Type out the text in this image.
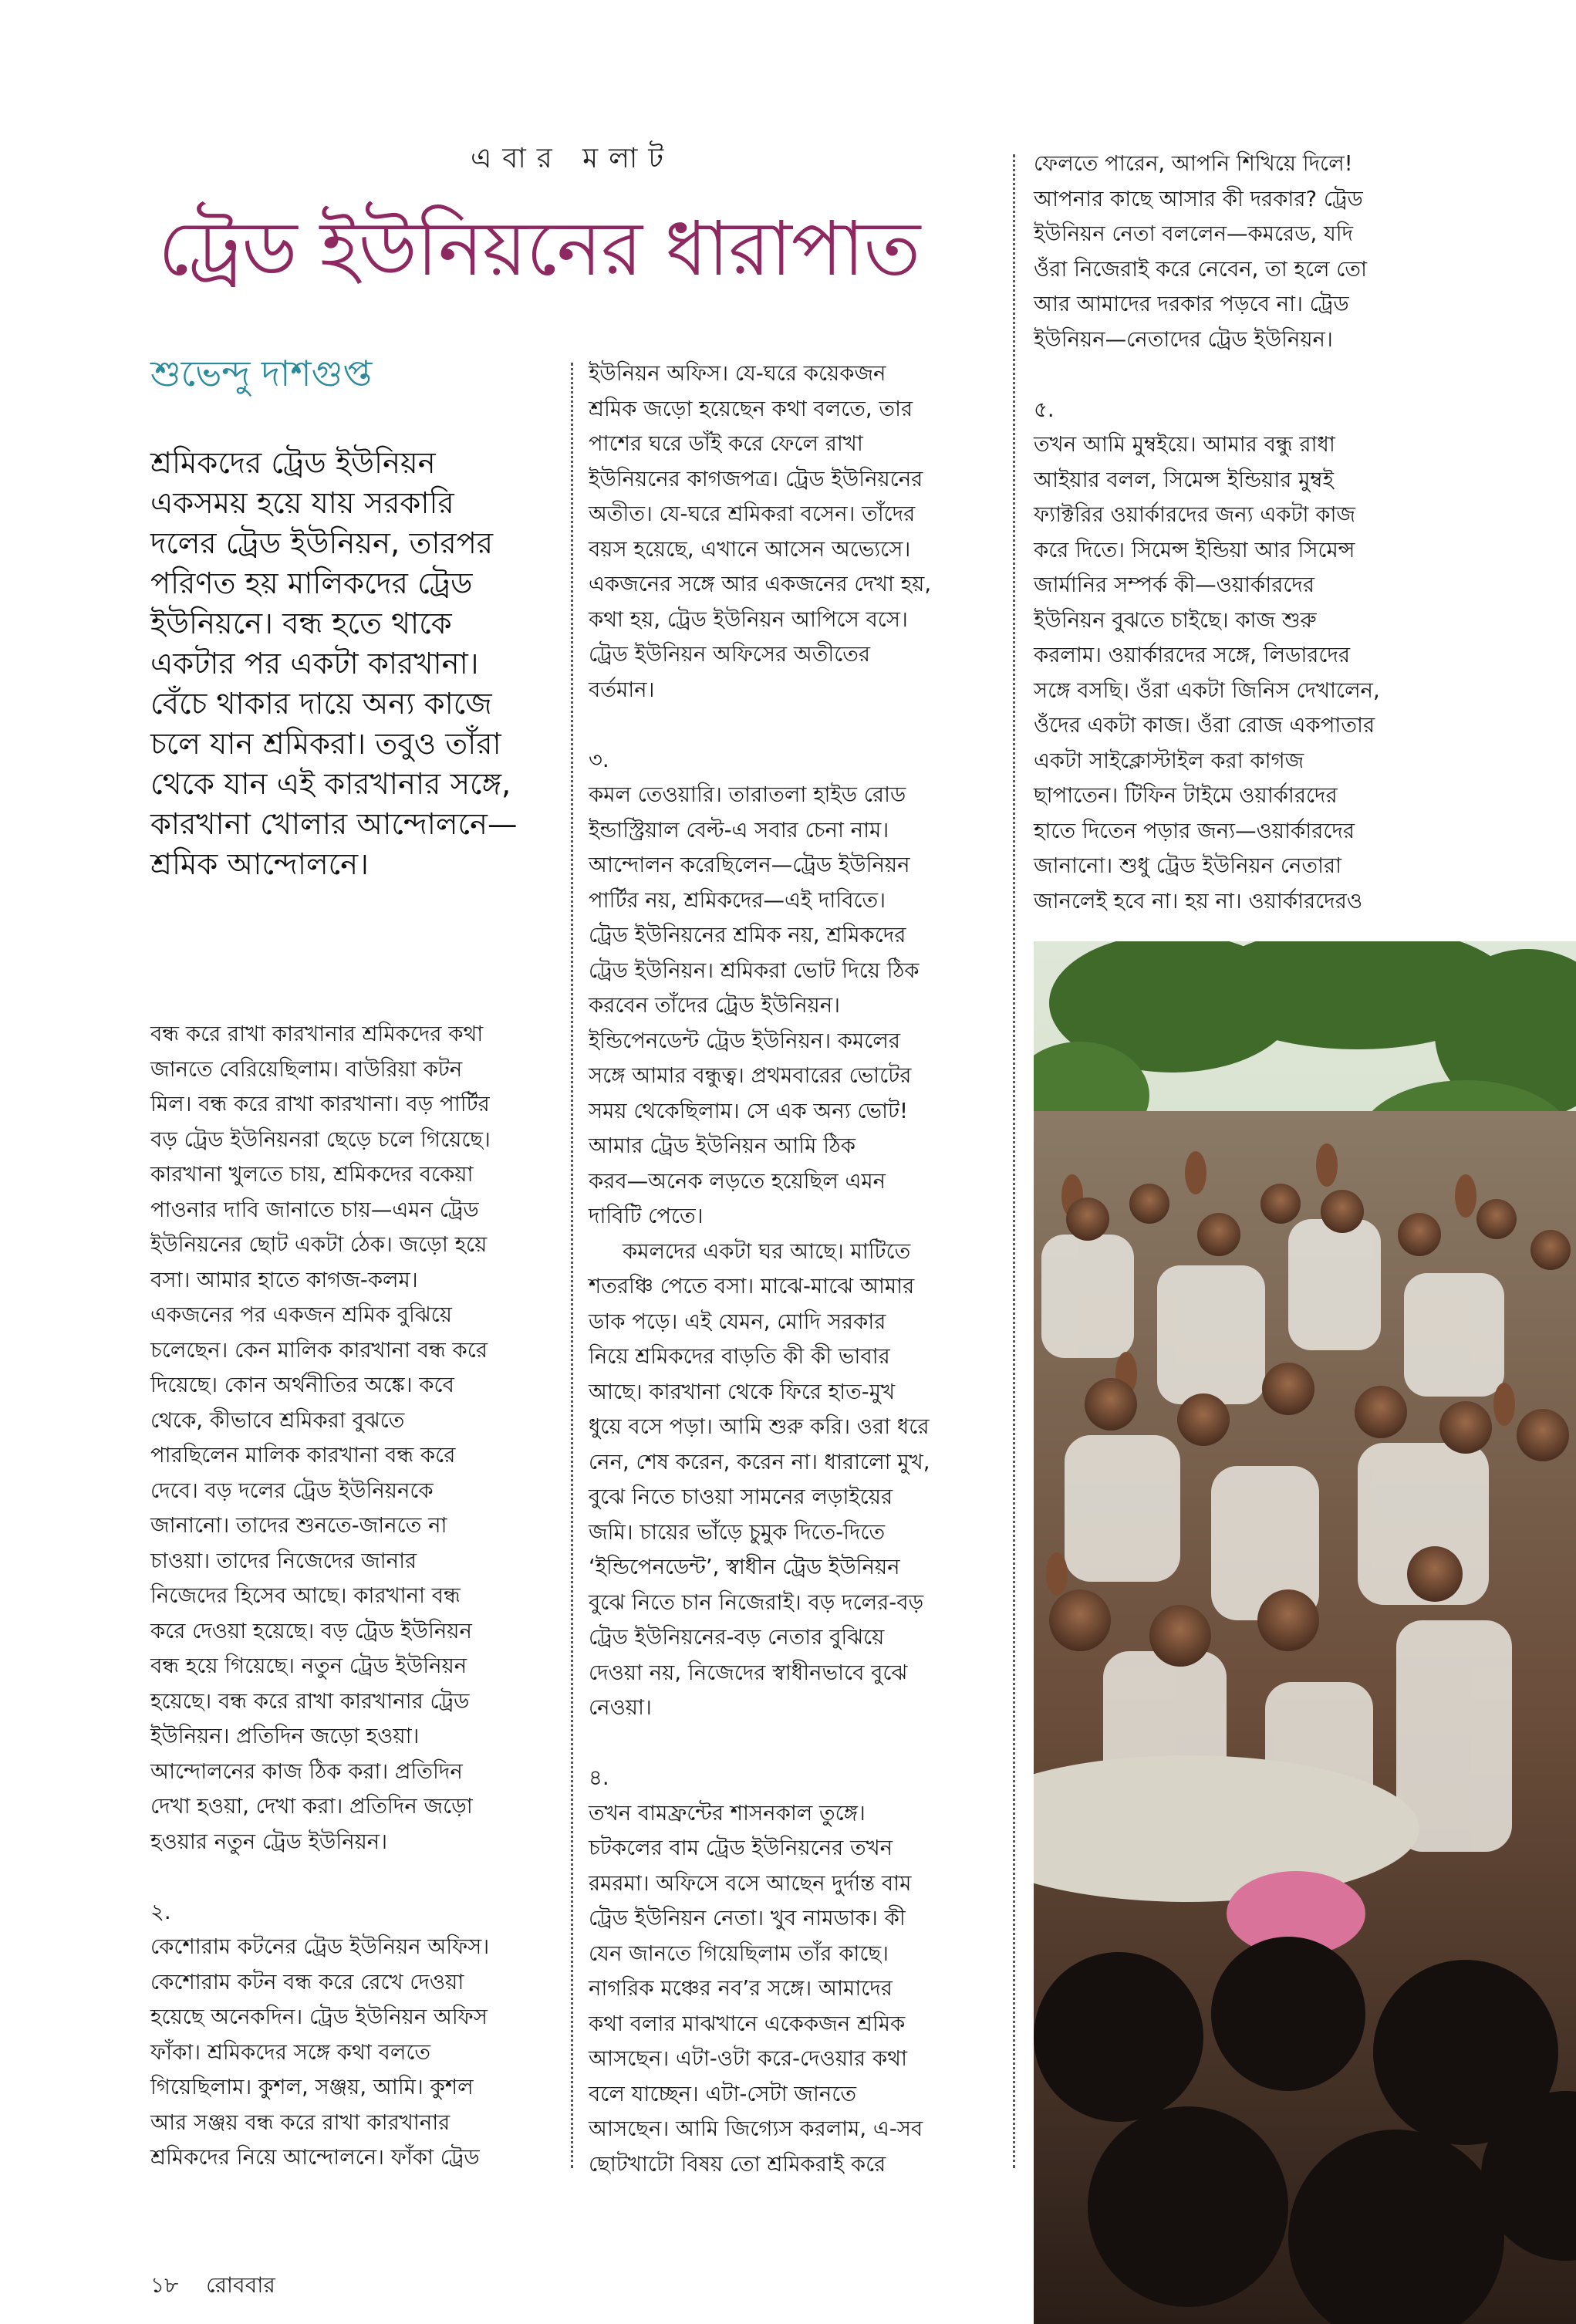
এবার মলাট
ট্রেড ইউনিয়নের ধারাপাত
শুভেন্দু দাশগুপ্ত
শ্রমিকদের ট্রেড ইউনিয়ন
একসময় হয়ে যায় সরকারি
দলের ট্রেড ইউনিয়ন, তারপর
পরিণত হয় মালিকদের ট্রেড
ইউনিয়নে। বন্ধ হতে থাকে
একটার পর একটা কারখানা।
বেঁচে থাকার দায়ে অন্য কাজে
চলে যান শ্রমিকরা। তবুও তাঁরা
থেকে যান এই কারখানার সঙ্গে,
কারখানা খোলার আন্দোলনে—
শ্রমিক আন্দোলনে।
বন্ধ করে রাখা কারখানার শ্রমিকদের কথা
জানতে বেরিয়েছিলাম। বাউরিয়া কটন
মিল। বন্ধ করে রাখা কারখানা। বড় পার্টির
বড় ট্রেড ইউনিয়নরা ছেড়ে চলে গিয়েছে।
কারখানা খুলতে চায়, শ্রমিকদের বকেয়া
পাওনার দাবি জানাতে চায়—এমন ট্রেড
ইউনিয়নের ছোট একটা ঠেক। জড়ো হয়ে
বসা। আমার হাতে কাগজ-কলম।
একজনের পর একজন শ্রমিক বুঝিয়ে
চলেছেন। কেন মালিক কারখানা বন্ধ করে
দিয়েছে। কোন অর্থনীতির অঙ্কে। কবে
থেকে, কীভাবে শ্রমিকরা বুঝতে
পারছিলেন মালিক কারখানা বন্ধ করে
দেবে। বড় দলের ট্রেড ইউনিয়নকে
জানানো। তাদের শুনতে-জানতে না
চাওয়া। তাদের নিজেদের জানার
নিজেদের হিসেব আছে। কারখানা বন্ধ
করে দেওয়া হয়েছে। বড় ট্রেড ইউনিয়ন
বন্ধ হয়ে গিয়েছে। নতুন ট্রেড ইউনিয়ন
হয়েছে। বন্ধ করে রাখা কারখানার ট্রেড
ইউনিয়ন। প্রতিদিন জড়ো হওয়া।
আন্দোলনের কাজ ঠিক করা। প্রতিদিন
দেখা হওয়া, দেখা করা। প্রতিদিন জড়ো
হওয়ার নতুন ট্রেড ইউনিয়ন।
২.
কেশোরাম কটনের ট্রেড ইউনিয়ন অফিস।
কেশোরাম কটন বন্ধ করে রেখে দেওয়া
হয়েছে অনেকদিন। ট্রেড ইউনিয়ন অফিস
ফাঁকা। শ্রমিকদের সঙ্গে কথা বলতে
গিয়েছিলাম। কুশল, সঞ্জয়, আমি। কুশল
আর সঞ্জয় বন্ধ করে রাখা কারখানার
শ্রমিকদের নিয়ে আন্দোলনে। ফাঁকা ট্রেড
ইউনিয়ন অফিস। যে-ঘরে কয়েকজন
শ্রমিক জড়ো হয়েছেন কথা বলতে, তার
পাশের ঘরে ডাঁই করে ফেলে রাখা
ইউনিয়নের কাগজপত্র। ট্রেড ইউনিয়নের
অতীত। যে-ঘরে শ্রমিকরা বসেন। তাঁদের
বয়স হয়েছে, এখানে আসেন অভ্যেসে।
একজনের সঙ্গে আর একজনের দেখা হয়,
কথা হয়, ট্রেড ইউনিয়ন আপিসে বসে।
ট্রেড ইউনিয়ন অফিসের অতীতের
বর্তমান।
৩.
কমল তেওয়ারি। তারাতলা হাইড রোড
ইন্ডাস্ট্রিয়াল বেল্ট-এ সবার চেনা নাম।
আন্দোলন করেছিলেন—ট্রেড ইউনিয়ন
পার্টির নয়, শ্রমিকদের—এই দাবিতে।
ট্রেড ইউনিয়নের শ্রমিক নয়, শ্রমিকদের
ট্রেড ইউনিয়ন। শ্রমিকরা ভোট দিয়ে ঠিক
করবেন তাঁদের ট্রেড ইউনিয়ন।
ইন্ডিপেনডেন্ট ট্রেড ইউনিয়ন। কমলের
সঙ্গে আমার বন্ধুত্ব। প্রথমবারের ভোটের
সময় থেকেছিলাম। সে এক অন্য ভোট!
আমার ট্রেড ইউনিয়ন আমি ঠিক
করব—অনেক লড়তে হয়েছিল এমন
দাবিটি পেতে।
কমলদের একটা ঘর আছে। মাটিতে
শতরঞ্চি পেতে বসা। মাঝে-মাঝে আমার
ডাক পড়ে। এই যেমন, মোদি সরকার
নিয়ে শ্রমিকদের বাড়তি কী কী ভাবার
আছে। কারখানা থেকে ফিরে হাত-মুখ
ধুয়ে বসে পড়া। আমি শুরু করি। ওরা ধরে
নেন, শেষ করেন, করেন না। ধারালো মুখ,
বুঝে নিতে চাওয়া সামনের লড়াইয়ের
জমি। চায়ের ভাঁড়ে চুমুক দিতে-দিতে
‘ইন্ডিপেনডেন্ট’, স্বাধীন ট্রেড ইউনিয়ন
বুঝে নিতে চান নিজেরাই। বড় দলের-বড়
ট্রেড ইউনিয়নের-বড় নেতার বুঝিয়ে
দেওয়া নয়, নিজেদের স্বাধীনভাবে বুঝে
নেওয়া।
৪.
তখন বামফ্রন্টের শাসনকাল তুঙ্গে।
চটকলের বাম ট্রেড ইউনিয়নের তখন
রমরমা। অফিসে বসে আছেন দুর্দান্ত বাম
ট্রেড ইউনিয়ন নেতা। খুব নামডাক। কী
যেন জানতে গিয়েছিলাম তাঁর কাছে।
নাগরিক মঞ্চের নব’র সঙ্গে। আমাদের
কথা বলার মাঝখানে একেকজন শ্রমিক
আসছেন। এটা-ওটা করে-দেওয়ার কথা
বলে যাচ্ছেন। এটা-সেটা জানতে
আসছেন। আমি জিগ্যেস করলাম, এ-সব
ছোটখাটো বিষয় তো শ্রমিকরাই করে
ফেলতে পারেন, আপনি শিখিয়ে দিলে!
আপনার কাছে আসার কী দরকার? ট্রেড
ইউনিয়ন নেতা বললেন—কমরেড, যদি
ওঁরা নিজেরাই করে নেবেন, তা হলে তো
আর আমাদের দরকার পড়বে না। ট্রেড
ইউনিয়ন—নেতাদের ট্রেড ইউনিয়ন।
৫.
তখন আমি মুম্বইয়ে। আমার বন্ধু রাধা
আইয়ার বলল, সিমেন্স ইন্ডিয়ার মুম্বই
ফ্যাক্টরির ওয়ার্কারদের জন্য একটা কাজ
করে দিতে। সিমেন্স ইন্ডিয়া আর সিমেন্স
জার্মানির সম্পর্ক কী—ওয়ার্কারদের
ইউনিয়ন বুঝতে চাইছে। কাজ শুরু
করলাম। ওয়ার্কারদের সঙ্গে, লিডারদের
সঙ্গে বসছি। ওঁরা একটা জিনিস দেখালেন,
ওঁদের একটা কাজ। ওঁরা রোজ একপাতার
একটা সাইক্লোস্টাইল করা কাগজ
ছাপাতেন। টিফিন টাইমে ওয়ার্কারদের
হাতে দিতেন পড়ার জন্য—ওয়ার্কারদের
জানানো। শুধু ট্রেড ইউনিয়ন নেতারা
জানলেই হবে না। হয় না। ওয়ার্কারদেরও
১৮ রোববার
